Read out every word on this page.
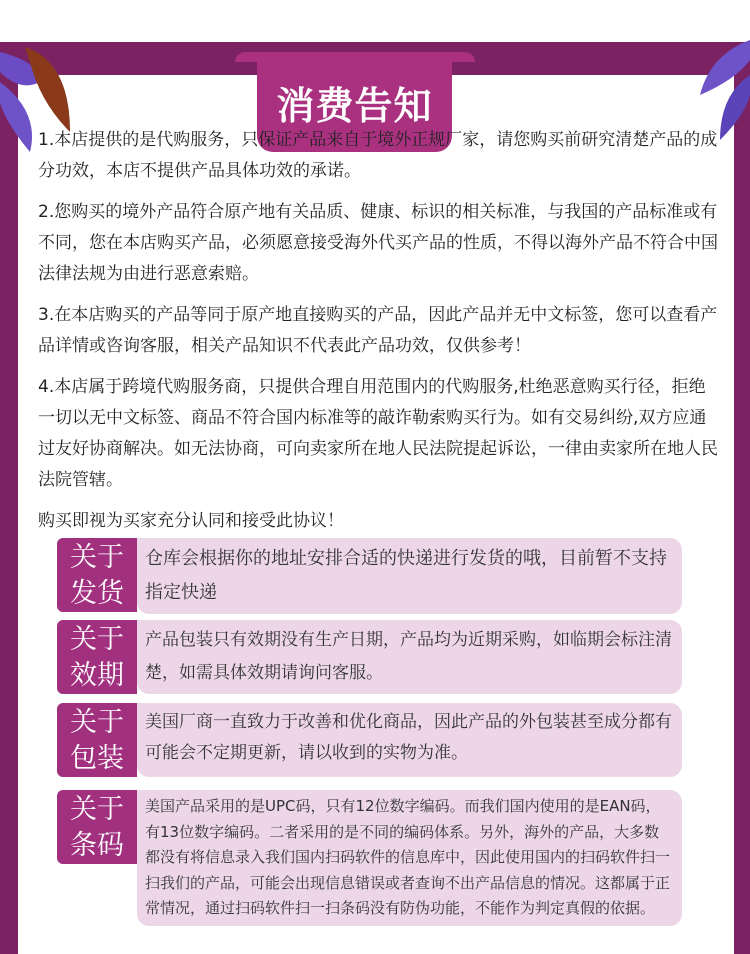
消费告知

1.本店提供的是代购服务，只保证产品来自于境外正规厂家，请您购买前研究清楚产品的成分功效，本店不提供产品具体功效的承诺。

2.您购买的境外产品符合原产地有关品质、健康、标识的相关标准，与我国的产品标准或有不同，您在本店购买产品，必须愿意接受海外代买产品的性质，不得以海外产品不符合中国法律法规为由进行恶意索赔。

3.在本店购买的产品等同于原产地直接购买的产品，因此产品并无中文标签，您可以查看产品详情或咨询客服，相关产品知识不代表此产品功效，仅供参考！

4.本店属于跨境代购服务商，只提供合理自用范围内的代购服务,杜绝恶意购买行径，拒绝一切以无中文标签、商品不符合国内标准等的敲诈勒索购买行为。如有交易纠纷,双方应通过友好协商解决。如无法协商，可向卖家所在地人民法院提起诉讼，一律由卖家所在地人民法院管辖。

购买即视为买家充分认同和接受此协议！

关于
发货
仓库会根据你的地址安排合适的快递进行发货的哦，目前暂不支持指定快递
关于
效期
产品包装只有效期没有生产日期，产品均为近期采购，如临期会标注清楚，如需具体效期请询问客服。
关于
包装
美国厂商一直致力于改善和优化商品，因此产品的外包装甚至成分都有可能会不定期更新，请以收到的实物为准。
关于
条码
美国产品采用的是UPC码，只有12位数字编码。而我们国内使用的是EAN码，有13位数字编码。二者采用的是不同的编码体系。另外，海外的产品，大多数都没有将信息录入我们国内扫码软件的信息库中，因此使用国内的扫码软件扫一扫我们的产品，可能会出现信息错误或者查询不出产品信息的情况。这都属于正常情况，通过扫码软件扫一扫条码没有防伪功能，不能作为判定真假的依据。
